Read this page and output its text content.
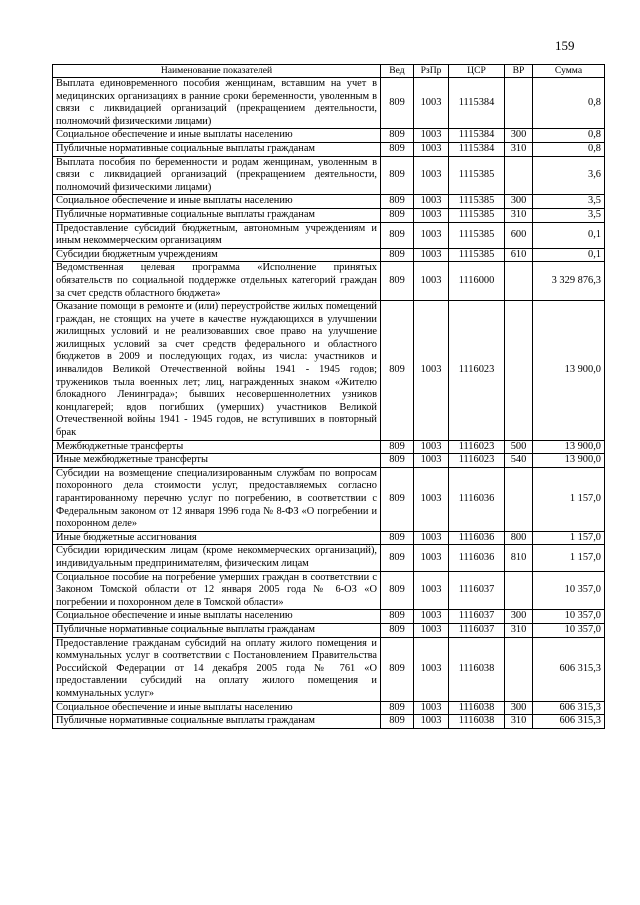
159
Наименование показателей	Вед	РзПр	ЦСР	ВР	Сумма
Выплата единовременного пособия женщинам, вставшим на учет в медицинских организациях в ранние сроки беременности, уволенным в связи с ликвидацией организаций (прекращением деятельности, полномочий физическими лицами)	809	1003	1115384		0,8
Социальное обеспечение и иные выплаты населению	809	1003	1115384	300	0,8
Публичные нормативные социальные выплаты гражданам	809	1003	1115384	310	0,8
Выплата пособия по беременности и родам женщинам, уволенным в связи с ликвидацией организаций (прекращением деятельности, полномочий физическими лицами)	809	1003	1115385		3,6
Социальное обеспечение и иные выплаты населению	809	1003	1115385	300	3,5
Публичные нормативные социальные выплаты гражданам	809	1003	1115385	310	3,5
Предоставление субсидий бюджетным, автономным учреждениям и иным некоммерческим организациям	809	1003	1115385	600	0,1
Субсидии бюджетным учреждениям	809	1003	1115385	610	0,1
Ведомственная целевая программа «Исполнение принятых обязательств по социальной поддержке отдельных категорий граждан за счет средств областного бюджета»	809	1003	1116000		3 329 876,3
Оказание помощи в ремонте и (или) переустройстве жилых помещений граждан, не стоящих на учете в качестве нуждающихся в улучшении жилищных условий и не реализовавших свое право на улучшение жилищных условий за счет средств федерального и областного бюджетов в 2009 и последующих годах, из числа: участников и инвалидов Великой Отечественной войны 1941 - 1945 годов; тружеников тыла военных лет; лиц, награжденных знаком «Жителю блокадного Ленинграда»; бывших несовершеннолетних узников концлагерей; вдов погибших (умерших) участников Великой Отечественной войны 1941 - 1945 годов, не вступивших в повторный брак	809	1003	1116023		13 900,0
Межбюджетные трансферты	809	1003	1116023	500	13 900,0
Иные межбюджетные трансферты	809	1003	1116023	540	13 900,0
Субсидии на возмещение специализированным службам по вопросам похоронного дела стоимости услуг, предоставляемых согласно гарантированному перечню услуг по погребению, в соответствии с Федеральным законом от 12 января 1996 года № 8-ФЗ «О погребении и похоронном деле»	809	1003	1116036		1 157,0
Иные бюджетные ассигнования	809	1003	1116036	800	1 157,0
Субсидии юридическим лицам (кроме некоммерческих организаций), индивидуальным предпринимателям, физическим лицам	809	1003	1116036	810	1 157,0
Социальное пособие на погребение умерших граждан в соответствии с Законом Томской области от 12 января 2005 года № 6-ОЗ «О погребении и похоронном деле в Томской области»	809	1003	1116037		10 357,0
Социальное обеспечение и иные выплаты населению	809	1003	1116037	300	10 357,0
Публичные нормативные социальные выплаты гражданам	809	1003	1116037	310	10 357,0
Предоставление гражданам субсидий на оплату жилого помещения и коммунальных услуг в соответствии с Постановлением Правительства Российской Федерации от 14 декабря 2005 года № 761 «О предоставлении субсидий на оплату жилого помещения и коммунальных услуг»	809	1003	1116038		606 315,3
Социальное обеспечение и иные выплаты населению	809	1003	1116038	300	606 315,3
Публичные нормативные социальные выплаты гражданам	809	1003	1116038	310	606 315,3
